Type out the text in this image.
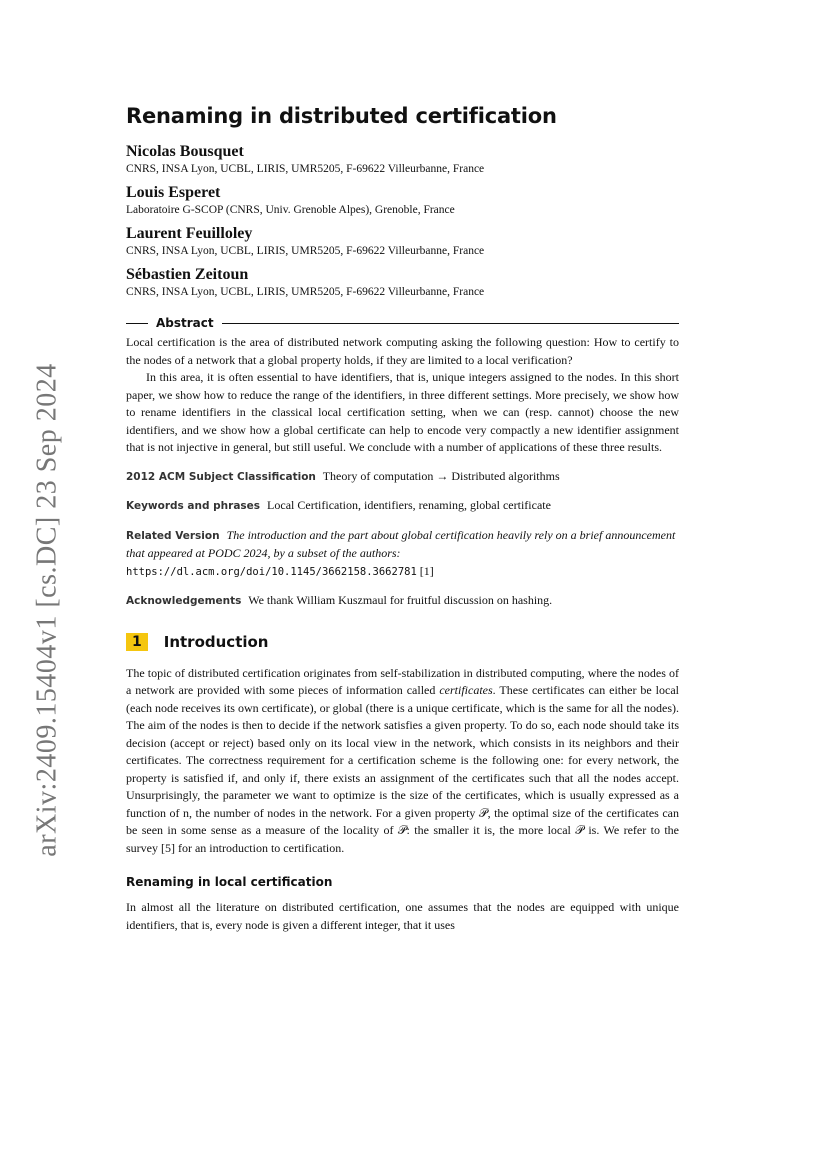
arXiv:2409.15404v1 [cs.DC] 23 Sep 2024
Renaming in distributed certification
Nicolas Bousquet
CNRS, INSA Lyon, UCBL, LIRIS, UMR5205, F-69622 Villeurbanne, France
Louis Esperet
Laboratoire G-SCOP (CNRS, Univ. Grenoble Alpes), Grenoble, France
Laurent Feuilloley
CNRS, INSA Lyon, UCBL, LIRIS, UMR5205, F-69622 Villeurbanne, France
Sébastien Zeitoun
CNRS, INSA Lyon, UCBL, LIRIS, UMR5205, F-69622 Villeurbanne, France
Abstract

Local certification is the area of distributed network computing asking the following question: How to certify to the nodes of a network that a global property holds, if they are limited to a local verification?

In this area, it is often essential to have identifiers, that is, unique integers assigned to the nodes. In this short paper, we show how to reduce the range of the identifiers, in three different settings. More precisely, we show how to rename identifiers in the classical local certification setting, when we can (resp. cannot) choose the new identifiers, and we show how a global certificate can help to encode very compactly a new identifier assignment that is not injective in general, but still useful. We conclude with a number of applications of these three results.

2012 ACM Subject Classification Theory of computation → Distributed algorithms
Keywords and phrases Local Certification, identifiers, renaming, global certificate
Related Version The introduction and the part about global certification heavily rely on a brief announcement that appeared at PODC 2024, by a subset of the authors: https://dl.acm.org/doi/10.1145/3662158.3662781 [1]
Acknowledgements We thank William Kuszmaul for fruitful discussion on hashing.
1	Introduction

The topic of distributed certification originates from self-stabilization in distributed computing, where the nodes of a network are provided with some pieces of information called certificates. These certificates can either be local (each node receives its own certificate), or global (there is a unique certificate, which is the same for all the nodes). The aim of the nodes is then to decide if the network satisfies a given property. To do so, each node should take its decision (accept or reject) based only on its local view in the network, which consists in its neighbors and their certificates. The correctness requirement for a certification scheme is the following one: for every network, the property is satisfied if, and only if, there exists an assignment of the certificates such that all the nodes accept. Unsurprisingly, the parameter we want to optimize is the size of the certificates, which is usually expressed as a function of n, the number of nodes in the network. For a given property 𝒫, the optimal size of the certificates can be seen in some sense as a measure of the locality of 𝒫: the smaller it is, the more local 𝒫 is. We refer to the survey [5] for an introduction to certification.

Renaming in local certification

In almost all the literature on distributed certification, one assumes that the nodes are equipped with unique identifiers, that is, every node is given a different integer, that it uses
